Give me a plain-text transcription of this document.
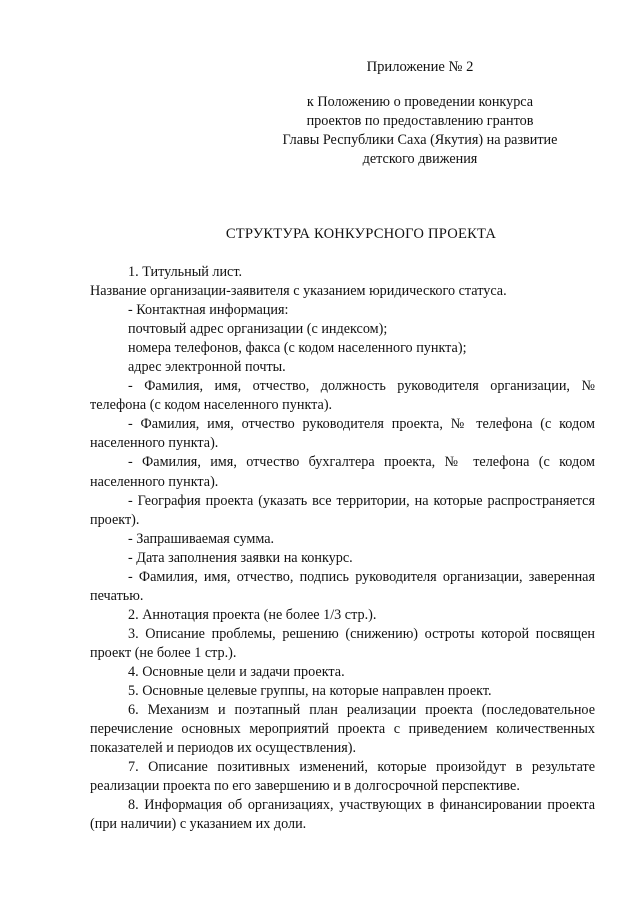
Приложение № 2
к Положению о проведении конкурса
проектов по предоставлению грантов
Главы Республики Саха (Якутия) на развитие
детского движения
СТРУКТУРА КОНКУРСНОГО ПРОЕКТА
1. Титульный лист.
Название организации-заявителя с указанием юридического статуса.
- Контактная информация:
почтовый адрес организации (с индексом);
номера телефонов, факса (с кодом населенного пункта);
адрес электронной почты.
- Фамилия, имя, отчество, должность руководителя организации, № телефона (с кодом населенного пункта).
- Фамилия, имя, отчество руководителя проекта, № телефона (с кодом населенного пункта).
- Фамилия, имя, отчество бухгалтера проекта, № телефона (с кодом населенного пункта).
- География проекта (указать все территории, на которые распространяется проект).
- Запрашиваемая сумма.
- Дата заполнения заявки на конкурс.
- Фамилия, имя, отчество, подпись руководителя организации, заверенная печатью.
2. Аннотация проекта (не более 1/3 стр.).
3. Описание проблемы, решению (снижению) остроты которой посвящен проект (не более 1 стр.).
4. Основные цели и задачи проекта.
5. Основные целевые группы, на которые направлен проект.
6. Механизм и поэтапный план реализации проекта (последовательное перечисление основных мероприятий проекта с приведением количественных показателей и периодов их осуществления).
7. Описание позитивных изменений, которые произойдут в результате реализации проекта по его завершению и в долгосрочной перспективе.
8. Информация об организациях, участвующих в финансировании проекта (при наличии) с указанием их доли.
